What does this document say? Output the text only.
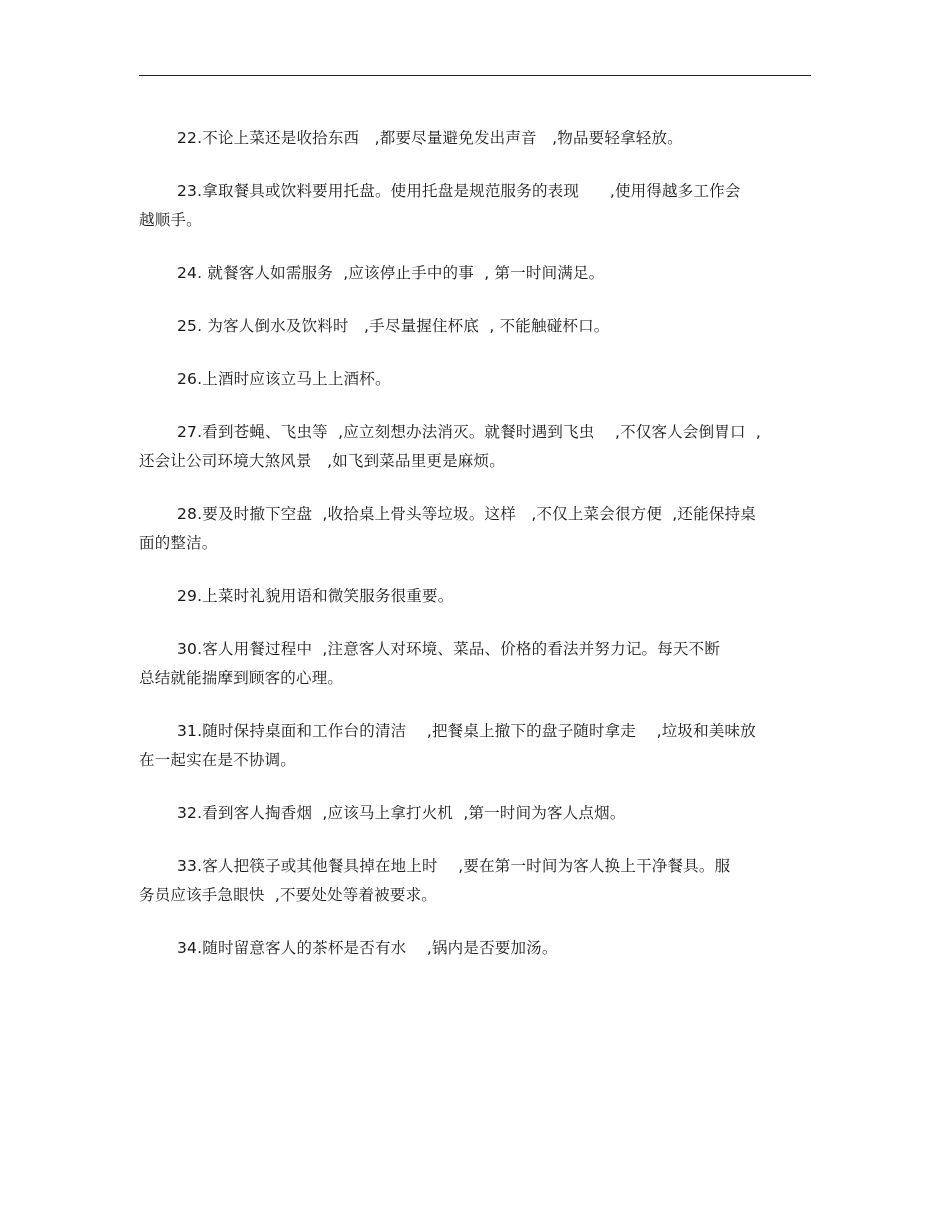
22.不论上菜还是收拾东西   ,都要尽量避免发出声音   ,物品要轻拿轻放。

23.拿取餐具或饮料要用托盘。使用托盘是规范服务的表现      ,使用得越多工作会
越顺手。

24. 就餐客人如需服务  ,应该停止手中的事  , 第一时间满足。

25. 为客人倒水及饮料时   ,手尽量握住杯底  , 不能触碰杯口。

26.上酒时应该立马上上酒杯。

27.看到苍蝇、飞虫等  ,应立刻想办法消灭。就餐时遇到飞虫    ,不仅客人会倒胃口  ,
还会让公司环境大煞风景   ,如飞到菜品里更是麻烦。

28.要及时撤下空盘  ,收拾桌上骨头等垃圾。这样   ,不仅上菜会很方便  ,还能保持桌
面的整洁。

29.上菜时礼貌用语和微笑服务很重要。

30.客人用餐过程中  ,注意客人对环境、菜品、价格的看法并努力记。每天不断
总结就能揣摩到顾客的心理。

31.随时保持桌面和工作台的清洁    ,把餐桌上撤下的盘子随时拿走    ,垃圾和美味放
在一起实在是不协调。

32.看到客人掏香烟  ,应该马上拿打火机  ,第一时间为客人点烟。

33.客人把筷子或其他餐具掉在地上时    ,要在第一时间为客人换上干净餐具。服
务员应该手急眼快  ,不要处处等着被要求。

34.随时留意客人的茶杯是否有水    ,锅内是否要加汤。
